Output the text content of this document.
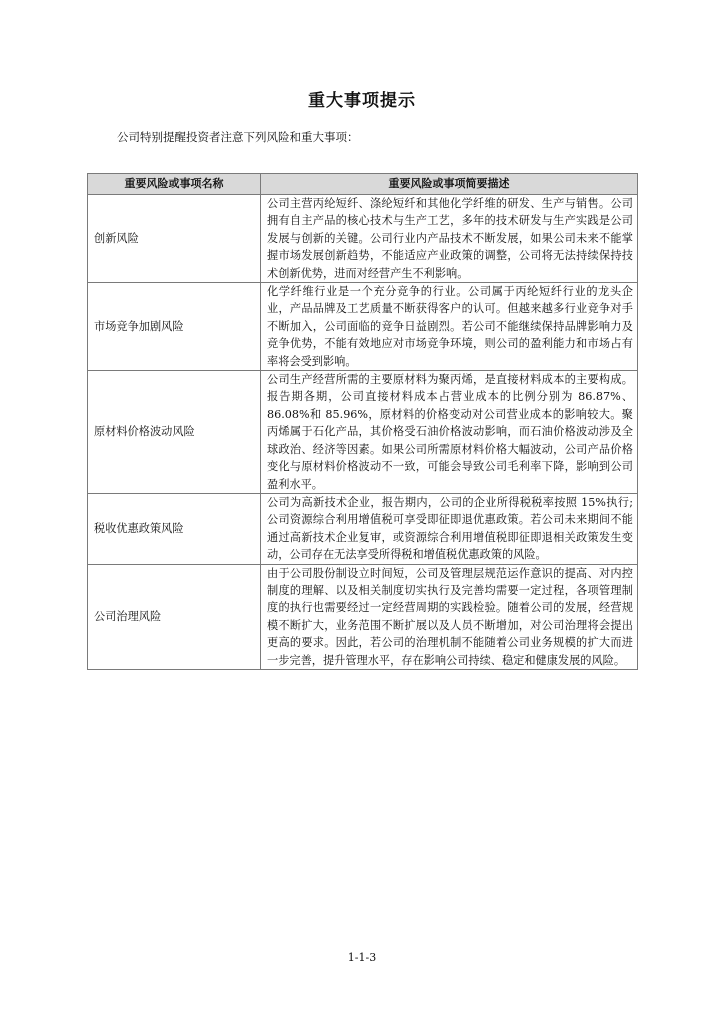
重大事项提示
公司特别提醒投资者注意下列风险和重大事项：
重要风险或事项名称	重要风险或事项简要描述
创新风险	公司主营丙纶短纤、涤纶短纤和其他化学纤维的研发、生产与销售。公司拥有自主产品的核心技术与生产工艺，多年的技术研发与生产实践是公司发展与创新的关键。公司行业内产品技术不断发展，如果公司未来不能掌握市场发展创新趋势，不能适应产业政策的调整，公司将无法持续保持技术创新优势，进而对经营产生不利影响。
市场竞争加剧风险	化学纤维行业是一个充分竞争的行业。公司属于丙纶短纤行业的龙头企业，产品品牌及工艺质量不断获得客户的认可。但越来越多行业竞争对手不断加入，公司面临的竞争日益剧烈。若公司不能继续保持品牌影响力及竞争优势，不能有效地应对市场竞争环境，则公司的盈利能力和市场占有率将会受到影响。
原材料价格波动风险	公司生产经营所需的主要原材料为聚丙烯，是直接材料成本的主要构成。报告期各期，公司直接材料成本占营业成本的比例分别为 86.87%、86.08%和 85.96%，原材料的价格变动对公司营业成本的影响较大。聚丙烯属于石化产品，其价格受石油价格波动影响，而石油价格波动涉及全球政治、经济等因素。如果公司所需原材料价格大幅波动，公司产品价格变化与原材料价格波动不一致，可能会导致公司毛利率下降，影响到公司盈利水平。
税收优惠政策风险	公司为高新技术企业，报告期内，公司的企业所得税税率按照 15%执行;公司资源综合利用增值税可享受即征即退优惠政策。若公司未来期间不能通过高新技术企业复审，或资源综合利用增值税即征即退相关政策发生变动，公司存在无法享受所得税和增值税优惠政策的风险。
公司治理风险	由于公司股份制设立时间短，公司及管理层规范运作意识的提高、对内控制度的理解、以及相关制度切实执行及完善均需要一定过程，各项管理制度的执行也需要经过一定经营周期的实践检验。随着公司的发展，经营规模不断扩大，业务范围不断扩展以及人员不断增加，对公司治理将会提出更高的要求。因此，若公司的治理机制不能随着公司业务规模的扩大而进一步完善，提升管理水平，存在影响公司持续、稳定和健康发展的风险。
1-1-3
